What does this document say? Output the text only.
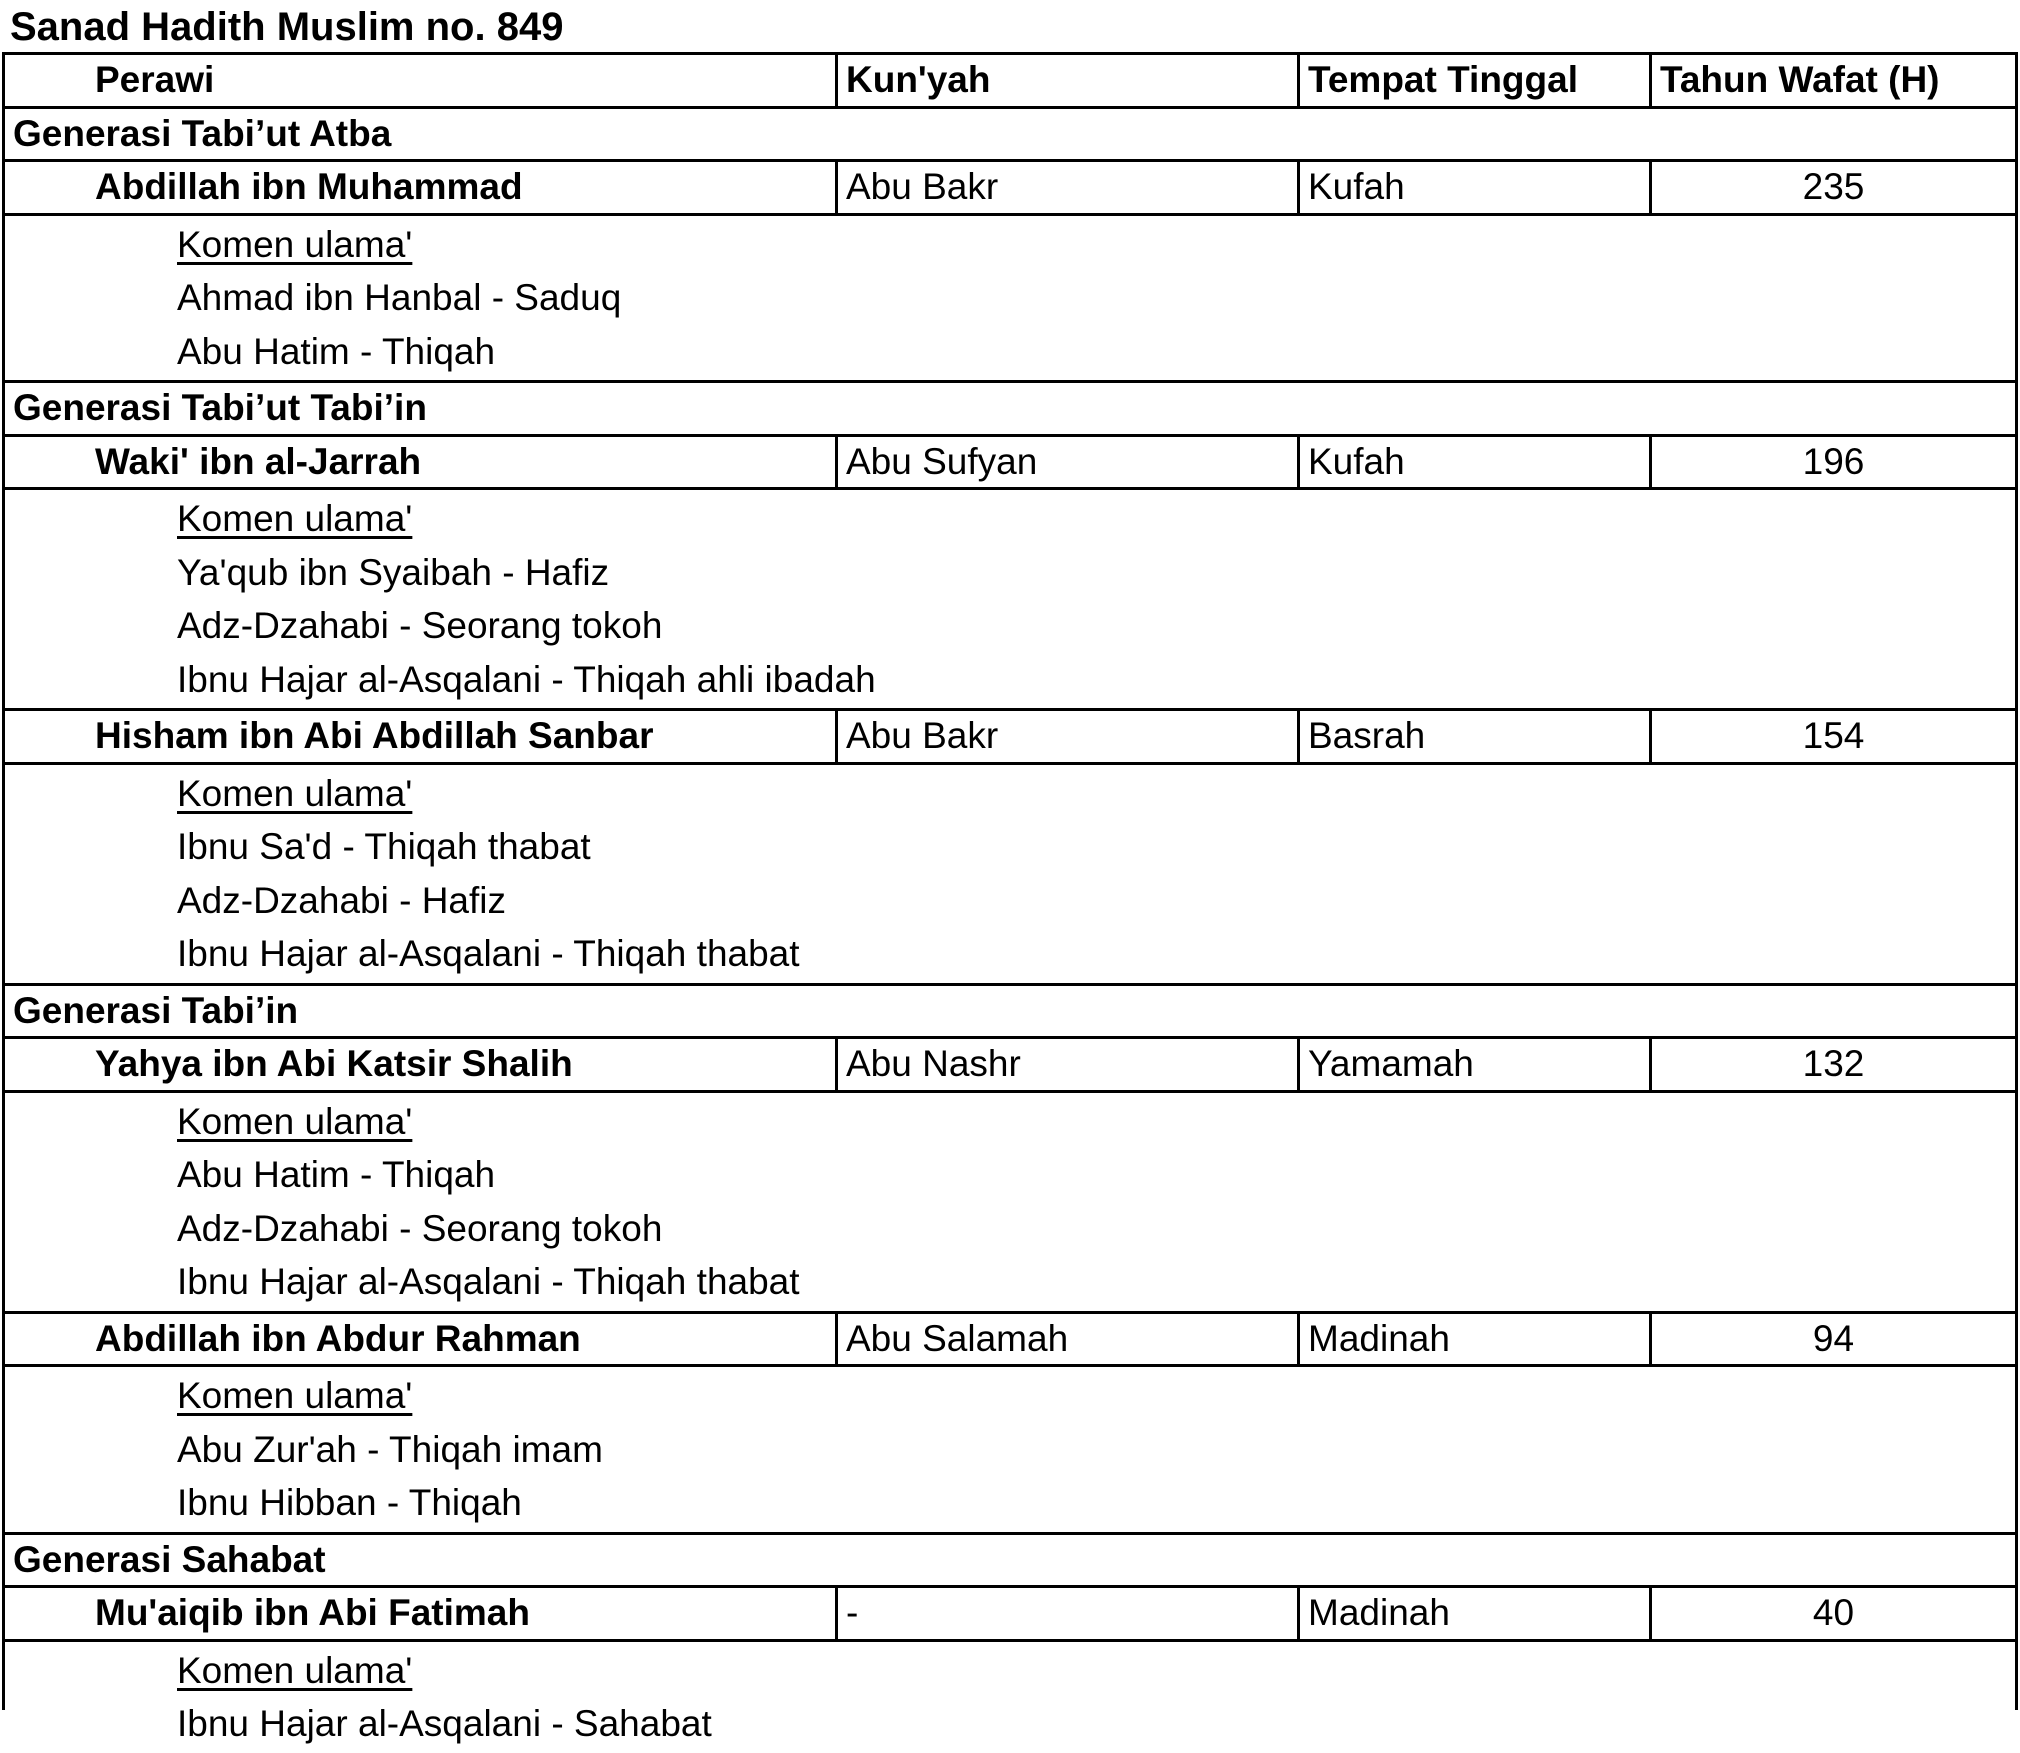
Sanad Hadith Muslim no. 849
Perawi	Kun'yah	Tempat Tinggal	Tahun Wafat (H)
Generasi Tabi’ut Atba
Abdillah ibn Muhammad	Abu Bakr	Kufah	235
Komen ulama'
Ahmad ibn Hanbal - Saduq
Abu Hatim - Thiqah
Generasi Tabi’ut Tabi’in
Waki' ibn al-Jarrah	Abu Sufyan	Kufah	196
Komen ulama'
Ya'qub ibn Syaibah - Hafiz
Adz-Dzahabi - Seorang tokoh
Ibnu Hajar al-Asqalani - Thiqah ahli ibadah
Hisham ibn Abi Abdillah Sanbar	Abu Bakr	Basrah	154
Komen ulama'
Ibnu Sa'd - Thiqah thabat
Adz-Dzahabi - Hafiz
Ibnu Hajar al-Asqalani - Thiqah thabat
Generasi Tabi’in
Yahya ibn Abi Katsir Shalih	Abu Nashr	Yamamah	132
Komen ulama'
Abu Hatim - Thiqah
Adz-Dzahabi - Seorang tokoh
Ibnu Hajar al-Asqalani - Thiqah thabat
Abdillah ibn Abdur Rahman	Abu Salamah	Madinah	94
Komen ulama'
Abu Zur'ah - Thiqah imam
Ibnu Hibban - Thiqah
Generasi Sahabat
Mu'aiqib ibn Abi Fatimah	-	Madinah	40
Komen ulama'
Ibnu Hajar al-Asqalani - Sahabat
